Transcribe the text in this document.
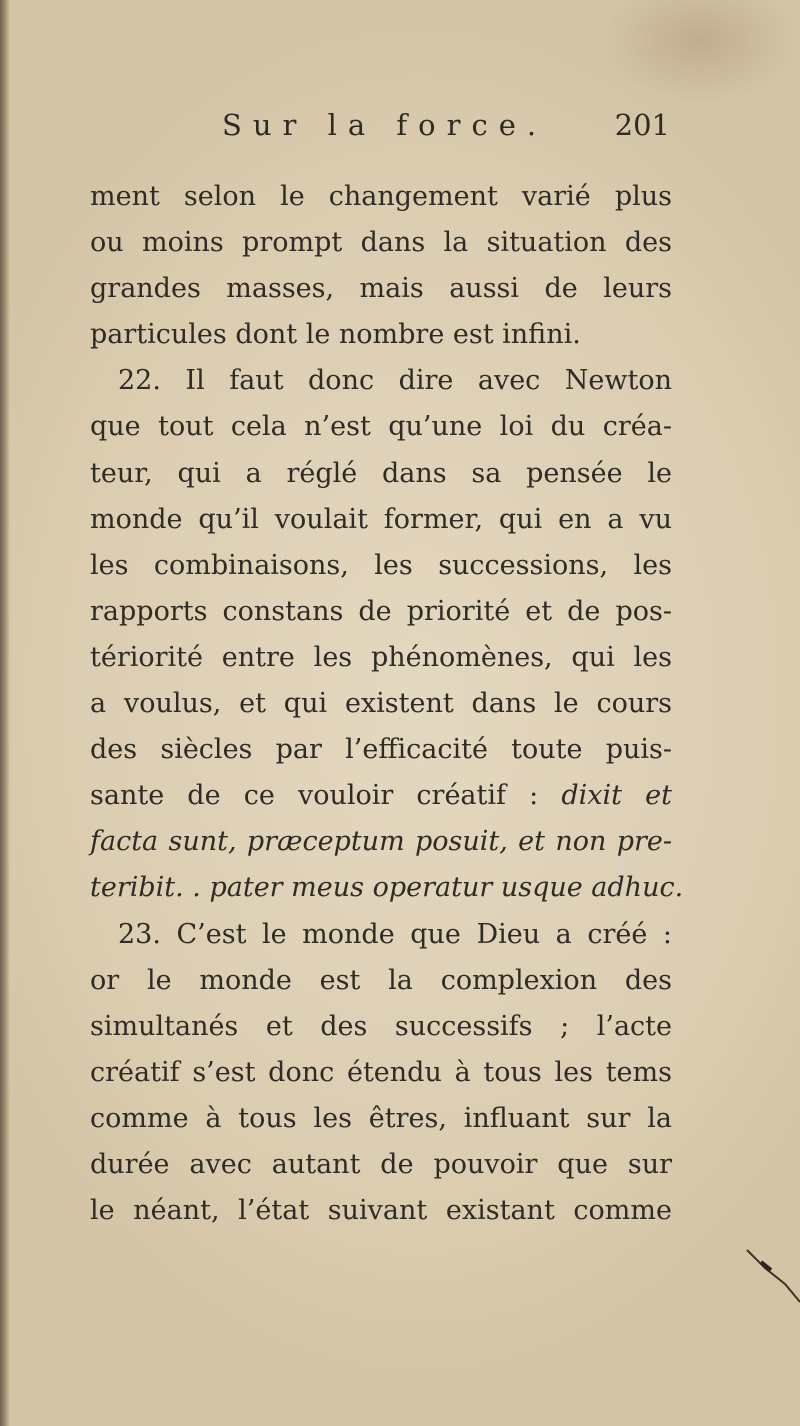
Sur la force. 201
ment selon le changement varié plus
ou moins prompt dans la situation des
grandes masses, mais aussi de leurs
particules dont le nombre est infini.
22. Il faut donc dire avec Newton
que tout cela n’est qu’une loi du créa-
teur, qui a réglé dans sa pensée le
monde qu’il voulait former, qui en a vu
les combinaisons, les successions, les
rapports constans de priorité et de pos-
tériorité entre les phénomènes, qui les
a voulus, et qui existent dans le cours
des siècles par l’efficacité toute puis-
sante de ce vouloir créatif : dixit et
facta sunt, præceptum posuit, et non pre-
teribit. . pater meus operatur usque adhuc.
23. C’est le monde que Dieu a créé :
or le monde est la complexion des
simultanés et des successifs ; l’acte
créatif s’est donc étendu à tous les tems
comme à tous les êtres, influant sur la
durée avec autant de pouvoir que sur
le néant, l’état suivant existant comme
